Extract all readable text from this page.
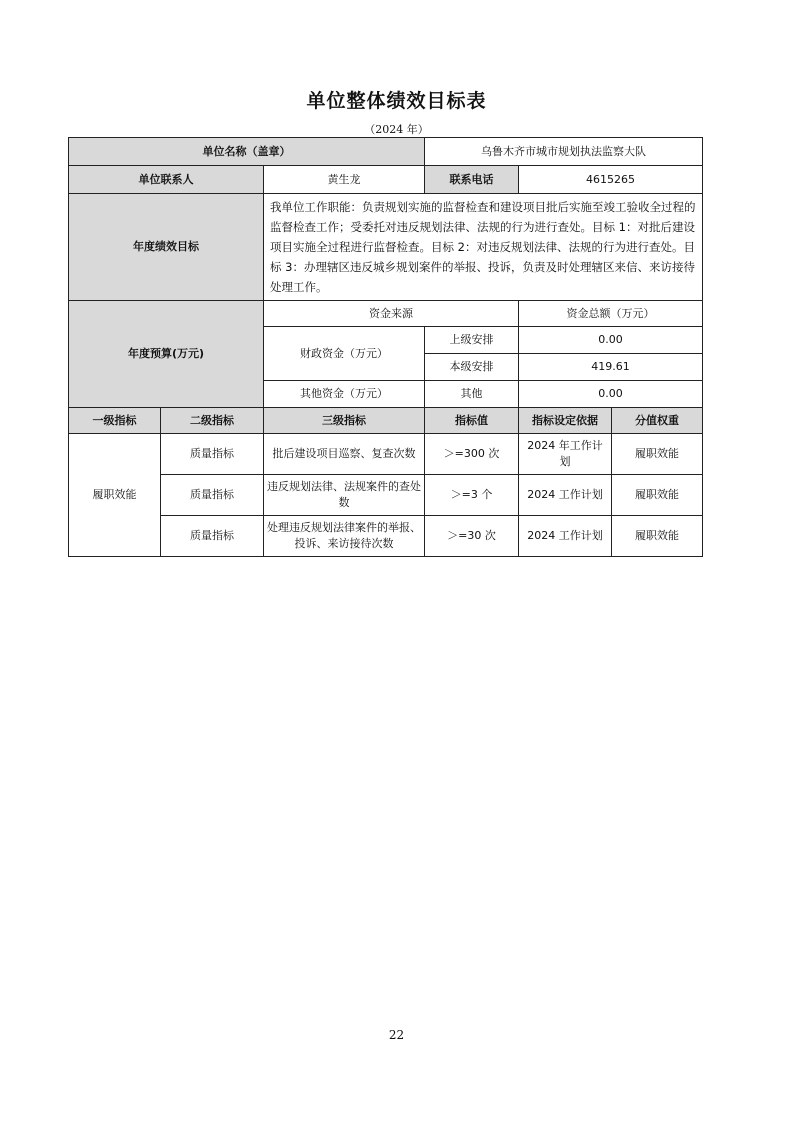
单位整体绩效目标表
（2024 年）
单位名称（盖章）			乌鲁木齐市城市规划执法监察大队		
单位联系人		黄生龙	联系电话	4615265	
年度绩效目标		我单位工作职能：负责规划实施的监督检查和建设项目批后实施至竣工验收全过程的监督检查工作；受委托对违反规划法律、法规的行为进行查处。目标 1：对批后建设项目实施全过程进行监督检查。目标 2：对违反规划法律、法规的行为进行查处。目标 3：办理辖区违反城乡规划案件的举报、投诉，负责及时处理辖区来信、来访接待处理工作。			
年度预算(万元)		资金来源		资金总额（万元）	
		财政资金（万元）	上级安排	0.00	
			本级安排	419.61	
		其他资金（万元）	其他	0.00	
一级指标	二级指标	三级指标	指标值	指标设定依据	分值权重
履职效能	质量指标	批后建设项目巡察、复查次数	＞=300 次	2024 年工作计划	履职效能
	质量指标	违反规划法律、法规案件的查处数	＞=3 个	2024 工作计划	履职效能
	质量指标	处理违反规划法律案件的举报、投诉、来访接待次数	＞=30 次	2024 工作计划	履职效能
22
